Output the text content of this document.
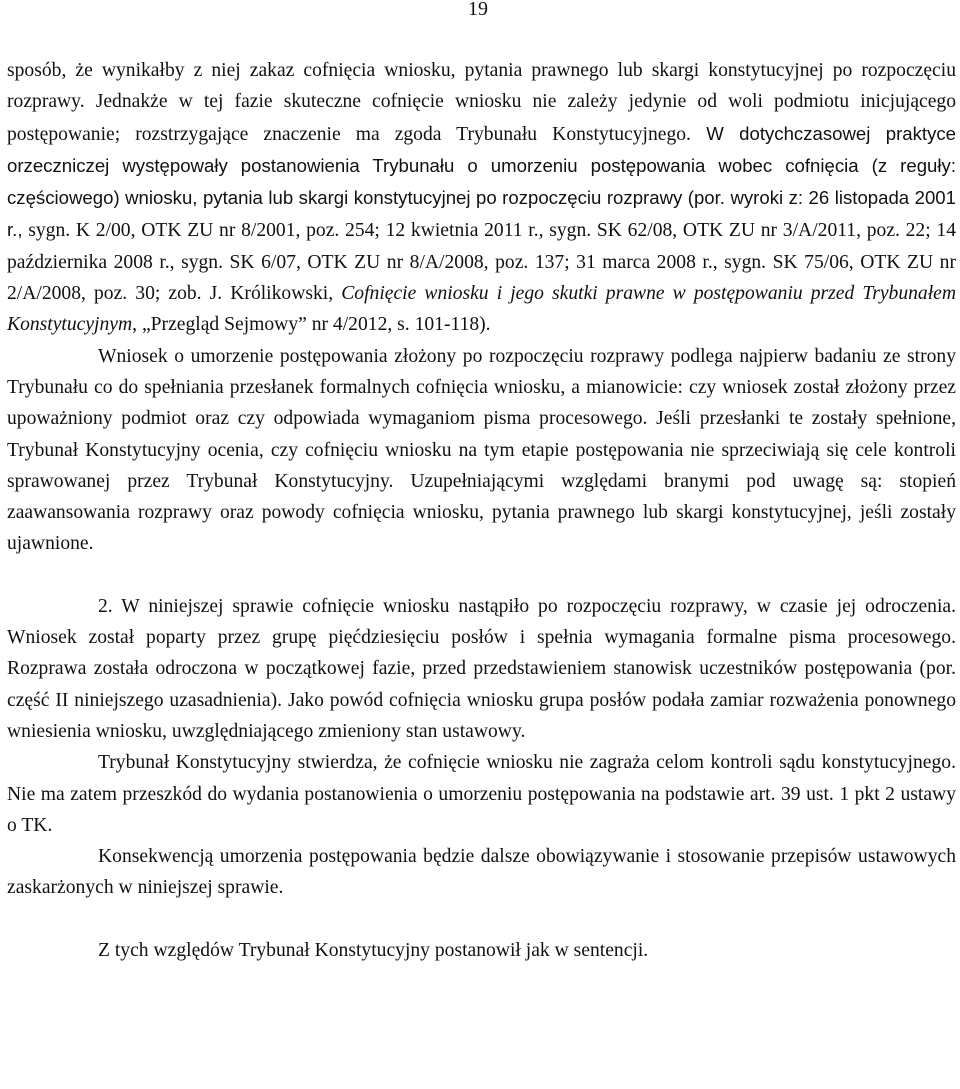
19

sposób, że wynikałby z niej zakaz cofnięcia wniosku, pytania prawnego lub skargi konstytucyjnej po rozpoczęciu rozprawy. Jednakże w tej fazie skuteczne cofnięcie wniosku nie zależy jedynie od woli podmiotu inicjującego postępowanie; rozstrzygające znaczenie ma zgoda Trybunału Konstytucyjnego. W dotychczasowej praktyce orzeczniczej występowały postanowienia Trybunału o umorzeniu postępowania wobec cofnięcia (z reguły: częściowego) wniosku, pytania lub skargi konstytucyjnej po rozpoczęciu rozprawy (por. wyroki z: 26 listopada 2001 r., sygn. K 2/00, OTK ZU nr 8/2001, poz. 254; 12 kwietnia 2011 r., sygn. SK 62/08, OTK ZU nr 3/A/2011, poz. 22; 14 października 2008 r., sygn. SK 6/07, OTK ZU nr 8/A/2008, poz. 137; 31 marca 2008 r., sygn. SK 75/06, OTK ZU nr 2/A/2008, poz. 30; zob. J. Królikowski, Cofnięcie wniosku i jego skutki prawne w postępowaniu przed Trybunałem Konstytucyjnym, „Przegląd Sejmowy” nr 4/2012, s. 101-118).

Wniosek o umorzenie postępowania złożony po rozpoczęciu rozprawy podlega najpierw badaniu ze strony Trybunału co do spełniania przesłanek formalnych cofnięcia wniosku, a mianowicie: czy wniosek został złożony przez upoważniony podmiot oraz czy odpowiada wymaganiom pisma procesowego. Jeśli przesłanki te zostały spełnione, Trybunał Konstytucyjny ocenia, czy cofnięciu wniosku na tym etapie postępowania nie sprzeciwiają się cele kontroli sprawowanej przez Trybunał Konstytucyjny. Uzupełniającymi względami branymi pod uwagę są: stopień zaawansowania rozprawy oraz powody cofnięcia wniosku, pytania prawnego lub skargi konstytucyjnej, jeśli zostały ujawnione.

2. W niniejszej sprawie cofnięcie wniosku nastąpiło po rozpoczęciu rozprawy, w czasie jej odroczenia. Wniosek został poparty przez grupę pięćdziesięciu posłów i spełnia wymagania formalne pisma procesowego. Rozprawa została odroczona w początkowej fazie, przed przedstawieniem stanowisk uczestników postępowania (por. część II niniejszego uzasadnienia). Jako powód cofnięcia wniosku grupa posłów podała zamiar rozważenia ponownego wniesienia wniosku, uwzględniającego zmieniony stan ustawowy.

Trybunał Konstytucyjny stwierdza, że cofnięcie wniosku nie zagraża celom kontroli sądu konstytucyjnego. Nie ma zatem przeszkód do wydania postanowienia o umorzeniu postępowania na podstawie art. 39 ust. 1 pkt 2 ustawy o TK.

Konsekwencją umorzenia postępowania będzie dalsze obowiązywanie i stosowanie przepisów ustawowych zaskarżonych w niniejszej sprawie.

Z tych względów Trybunał Konstytucyjny postanowił jak w sentencji.
